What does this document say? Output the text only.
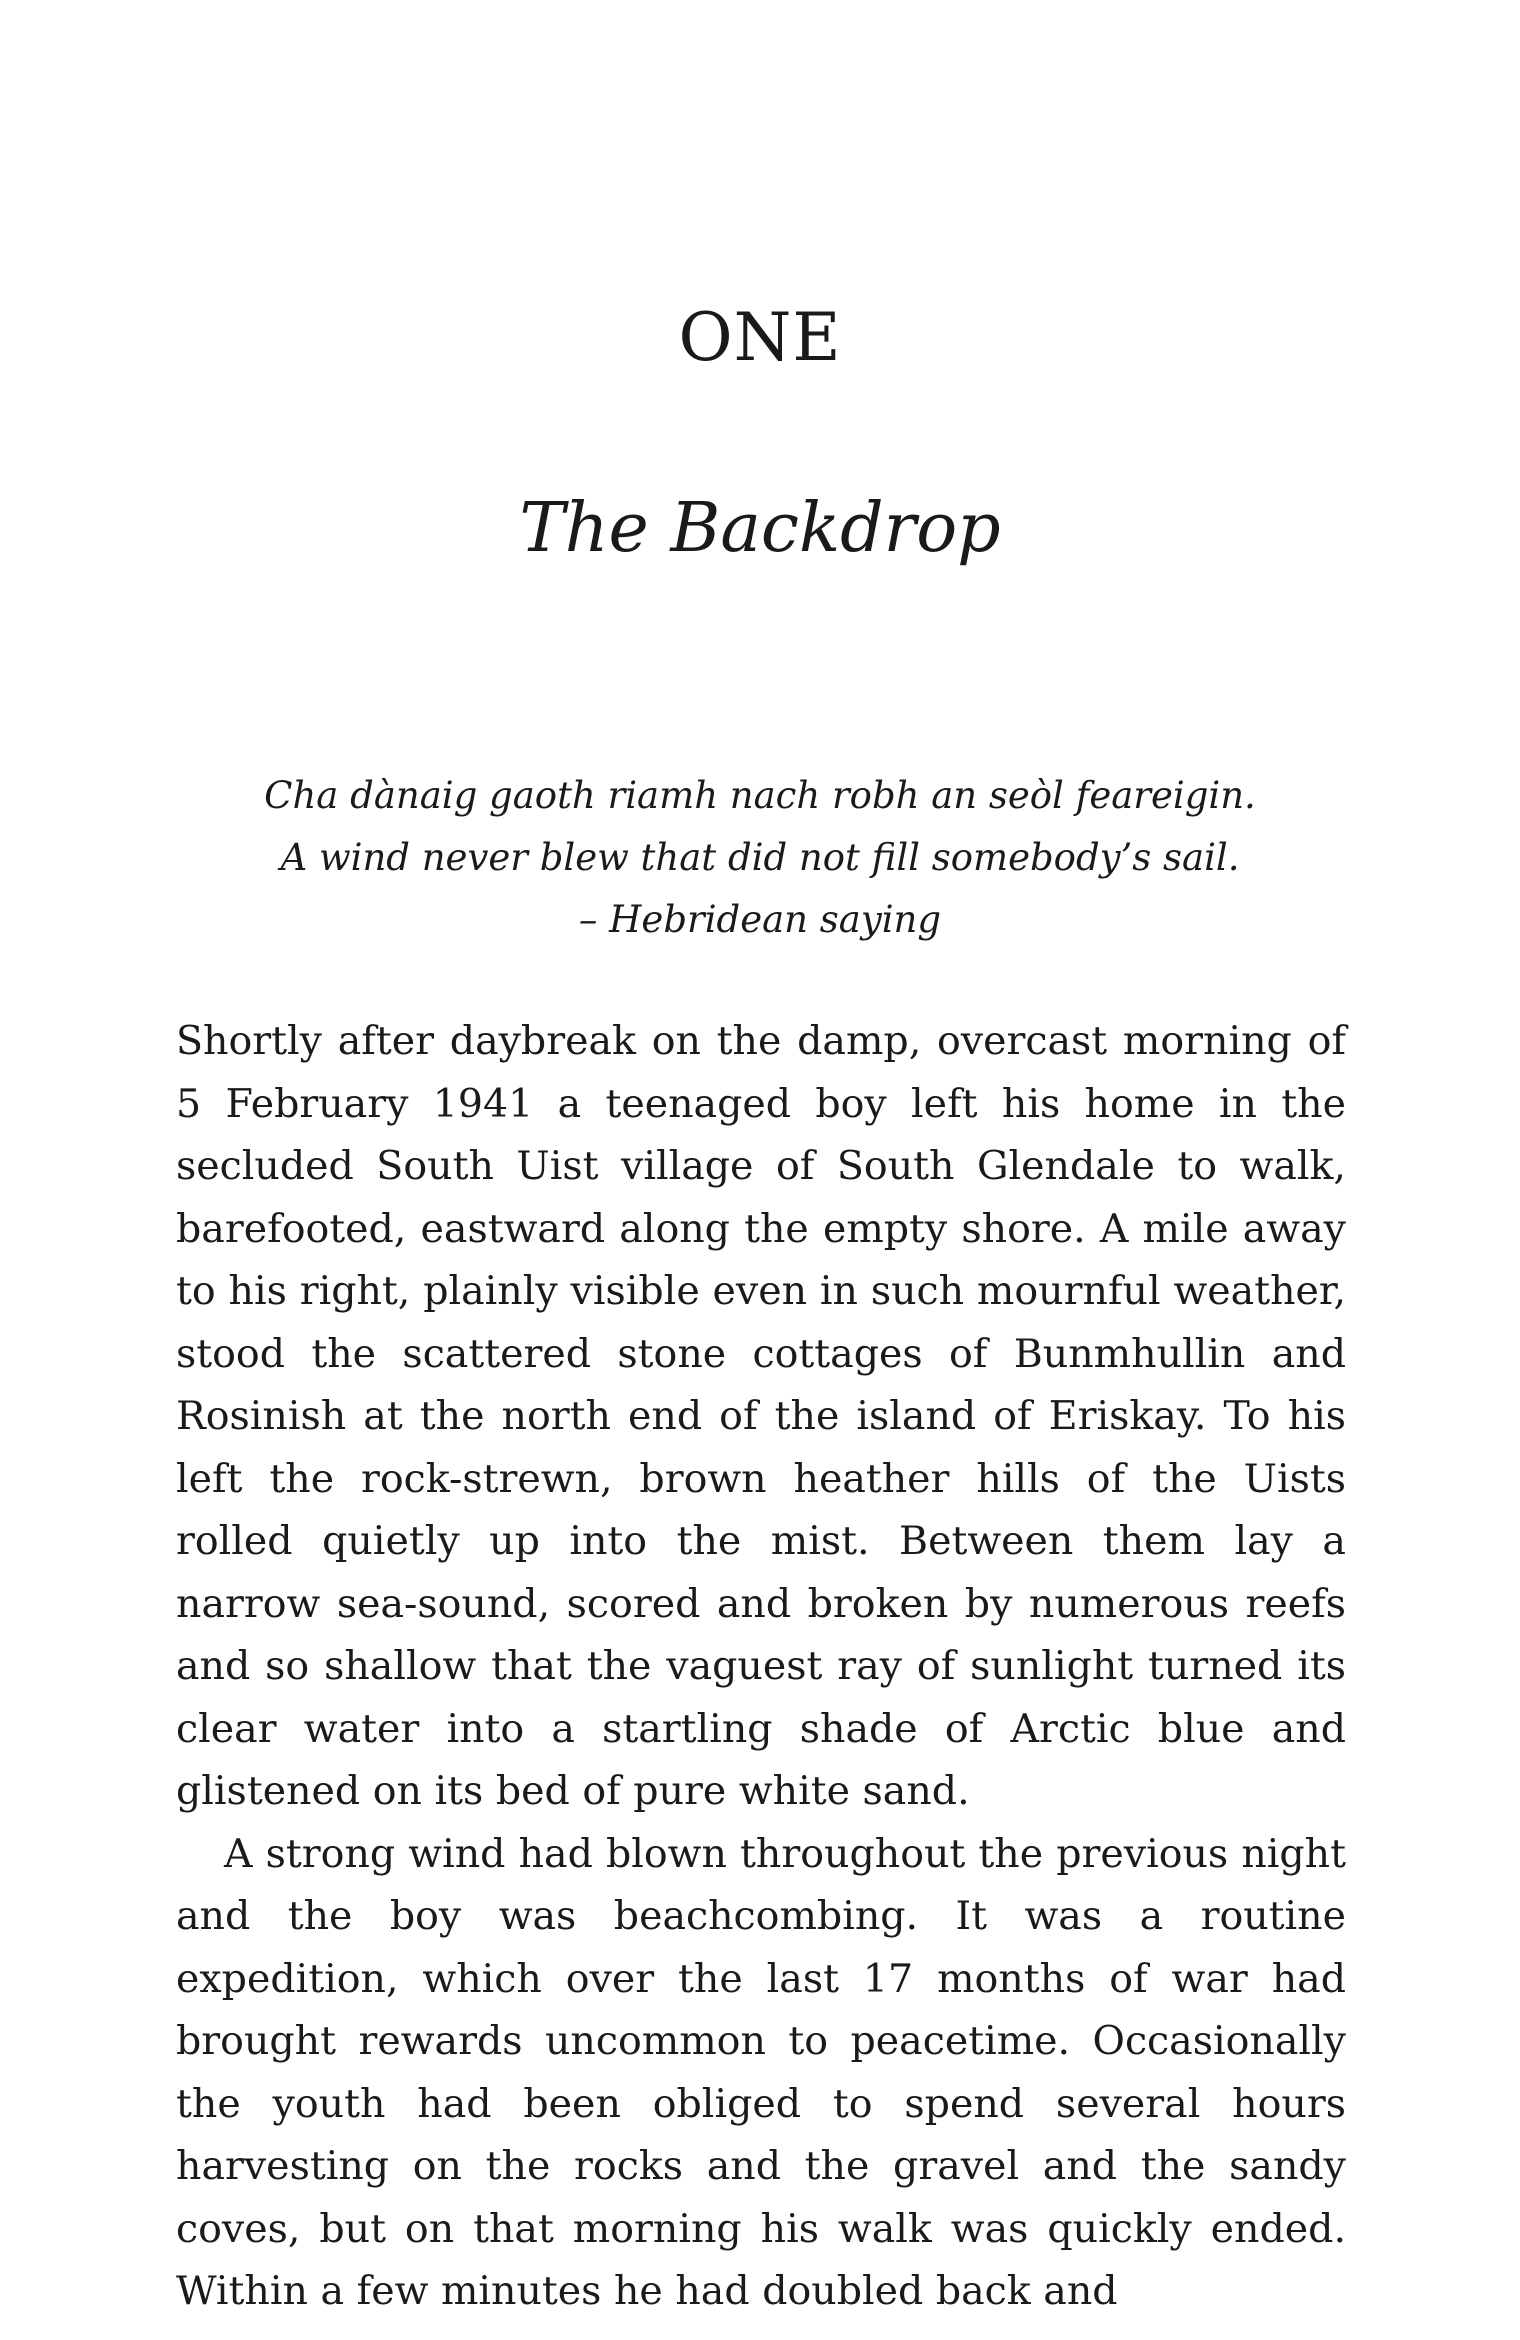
ONE
The Backdrop
Cha dànaig gaoth riamh nach robh an seòl feareigin.
A wind never blew that did not fill somebody’s sail.
– Hebridean saying

Shortly after daybreak on the damp, overcast morning of 5 February 1941 a teenaged boy left his home in the secluded South Uist village of South Glendale to walk, barefooted, eastward along the empty shore. A mile away to his right, plainly visible even in such mournful weather, stood the scattered stone cottages of Bunmhullin and Rosinish at the north end of the island of Eriskay. To his left the rock-strewn, brown heather hills of the Uists rolled quietly up into the mist. Between them lay a narrow sea-sound, scored and broken by numerous reefs and so shallow that the vaguest ray of sunlight turned its clear water into a startling shade of Arctic blue and glistened on its bed of pure white sand.

A strong wind had blown throughout the previous night and the boy was beachcombing. It was a routine expedition, which over the last 17 months of war had brought rewards uncommon to peacetime. Occasionally the youth had been obliged to spend several hours harvesting on the rocks and the gravel and the sandy coves, but on that morning his walk was quickly ended. Within a few minutes he had doubled back and
